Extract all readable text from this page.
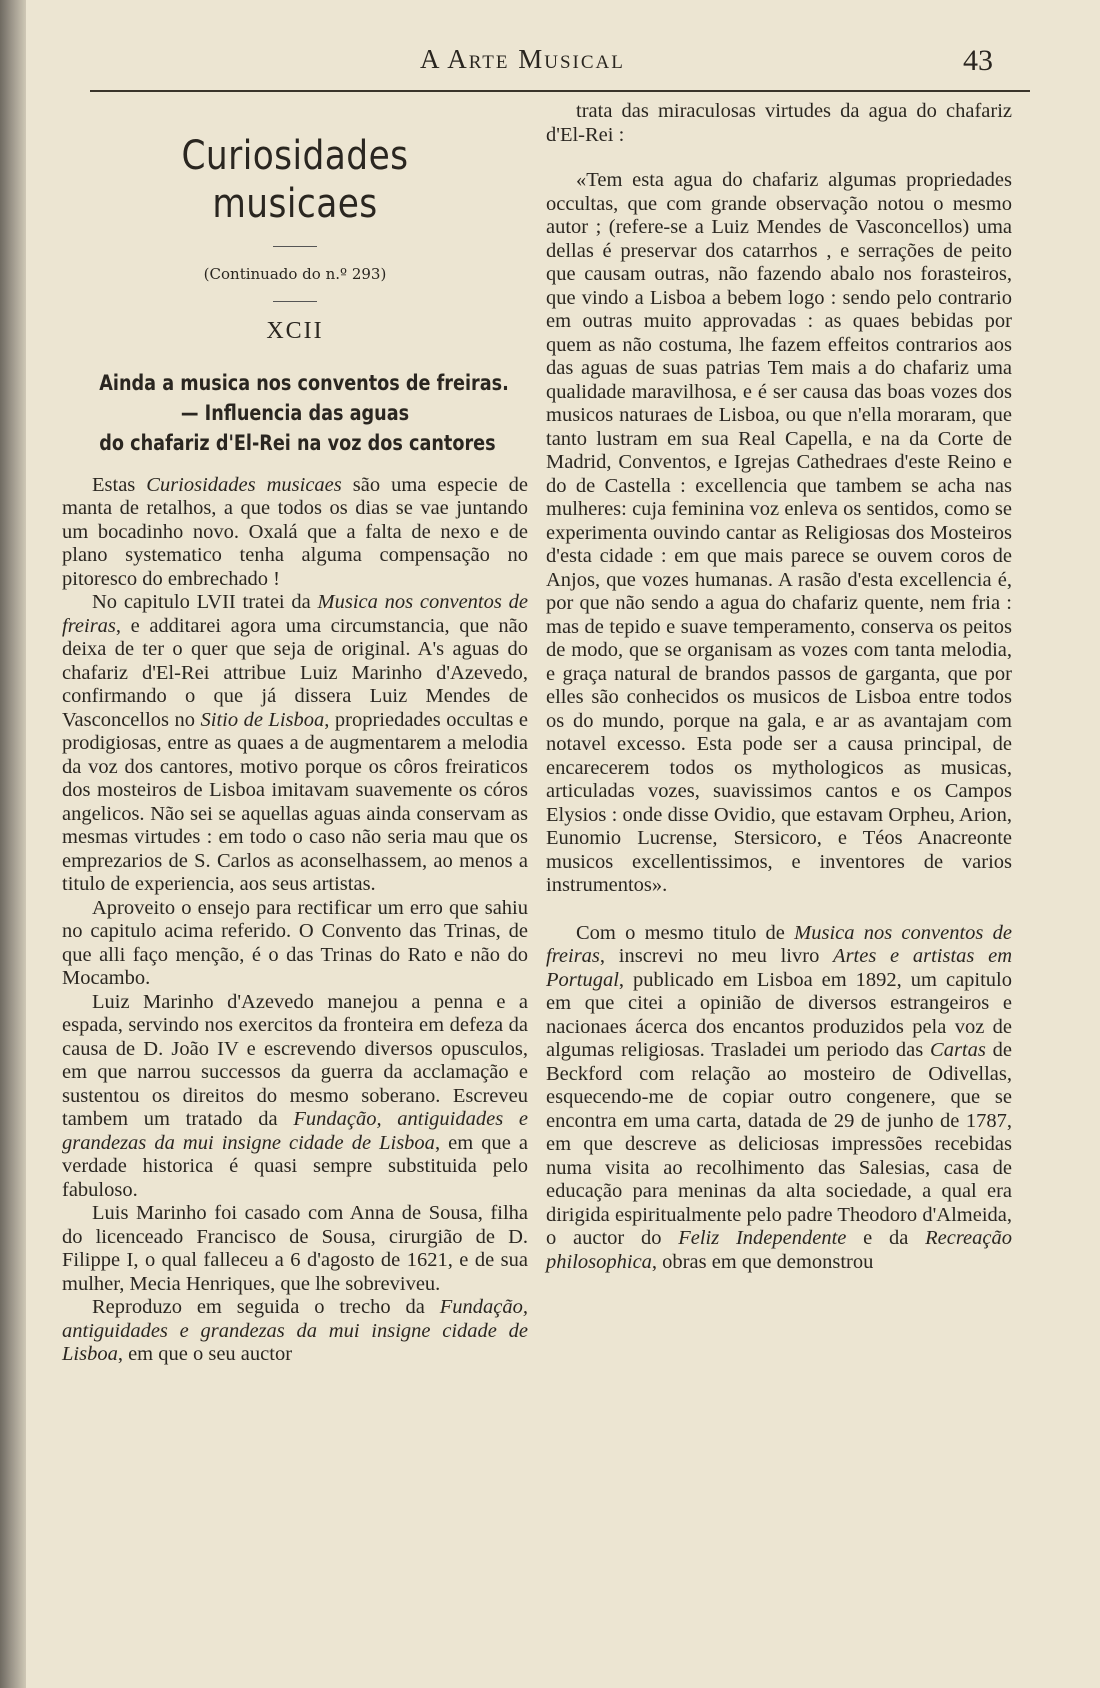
A Arte Musical	43
Curiosidades musicaes
(Continuado do n.º 293)
XCII
Ainda a musica nos conventos de freiras.
— Influencia das aguas
do chafariz d'El-Rei na voz dos cantores

Estas Curiosidades musicaes são uma especie de manta de retalhos, a que todos os dias se vae juntando um bocadinho novo. Oxalá que a falta de nexo e de plano systematico tenha alguma compensação no pitoresco do embrechado !

No capitulo LVII tratei da Musica nos conventos de freiras, e additarei agora uma circumstancia, que não deixa de ter o quer que seja de original. A's aguas do chafariz d'El-Rei attribue Luiz Marinho d'Azevedo, confirmando o que já dissera Luiz Mendes de Vasconcellos no Sitio de Lisboa, propriedades occultas e prodigiosas, entre as quaes a de augmentarem a melodia da voz dos cantores, motivo porque os côros freiraticos dos mosteiros de Lisboa imitavam suavemente os córos angelicos. Não sei se aquellas aguas ainda conservam as mesmas virtudes : em todo o caso não seria mau que os emprezarios de S. Carlos as aconselhassem, ao menos a titulo de experiencia, aos seus artistas.

Aproveito o ensejo para rectificar um erro que sahiu no capitulo acima referido. O Convento das Trinas, de que alli faço menção, é o das Trinas do Rato e não do Mocambo.

Luiz Marinho d'Azevedo manejou a penna e a espada, servindo nos exercitos da fronteira em defeza da causa de D. João IV e escrevendo diversos opusculos, em que narrou successos da guerra da acclamação e sustentou os direitos do mesmo soberano. Escreveu tambem um tratado da Fundação, antiguidades e grandezas da mui insigne cidade de Lisboa, em que a verdade historica é quasi sempre substituida pelo fabuloso.

Luis Marinho foi casado com Anna de Sousa, filha do licenceado Francisco de Sousa, cirurgião de D. Filippe I, o qual falleceu a 6 d'agosto de 1621, e de sua mulher, Mecia Henriques, que lhe sobreviveu.

Reproduzo em seguida o trecho da Fundação, antiguidades e grandezas da mui insigne cidade de Lisboa, em que o seu auctor

trata das miraculosas virtudes da agua do chafariz d'El-Rei :

«Tem esta agua do chafariz algumas propriedades occultas, que com grande observação notou o mesmo autor ; (refere-se a Luiz Mendes de Vasconcellos) uma dellas é preservar dos catarrhos , e serrações de peito que causam outras, não fazendo abalo nos forasteiros, que vindo a Lisboa a bebem logo : sendo pelo contrario em outras muito approvadas : as quaes bebidas por quem as não costuma, lhe fazem effeitos contrarios aos das aguas de suas patrias Tem mais a do chafariz uma qualidade maravilhosa, e é ser causa das boas vozes dos musicos naturaes de Lisboa, ou que n'ella moraram, que tanto lustram em sua Real Capella, e na da Corte de Madrid, Conventos, e Igrejas Cathedraes d'este Reino e do de Castella : excellencia que tambem se acha nas mulheres: cuja feminina voz enleva os sentidos, como se experimenta ouvindo cantar as Religiosas dos Mosteiros d'esta cidade : em que mais parece se ouvem coros de Anjos, que vozes humanas. A rasão d'esta excellencia é, por que não sendo a agua do chafariz quente, nem fria : mas de tepido e suave temperamento, conserva os peitos de modo, que se organisam as vozes com tanta melodia, e graça natural de brandos passos de garganta, que por elles são conhecidos os musicos de Lisboa entre todos os do mundo, porque na gala, e ar as avantajam com notavel excesso. Esta pode ser a causa principal, de encarecerem todos os mythologicos as musicas, articuladas vozes, suavissimos cantos e os Campos Elysios : onde disse Ovidio, que estavam Orpheu, Arion, Eunomio Lucrense, Stersicoro, e Téos Anacreonte musicos excellentissimos, e inventores de varios instrumentos».

Com o mesmo titulo de Musica nos conventos de freiras, inscrevi no meu livro Artes e artistas em Portugal, publicado em Lisboa em 1892, um capitulo em que citei a opinião de diversos estrangeiros e nacionaes ácerca dos encantos produzidos pela voz de algumas religiosas. Trasladei um periodo das Cartas de Beckford com relação ao mosteiro de Odivellas, esquecendo-me de copiar outro congenere, que se encontra em uma carta, datada de 29 de junho de 1787, em que descreve as deliciosas impressões recebidas numa visita ao recolhimento das Salesias, casa de educação para meninas da alta sociedade, a qual era dirigida espiritualmente pelo padre Theodoro d'Almeida, o auctor do Feliz Independente e da Recreação philosophica, obras em que demonstrou
